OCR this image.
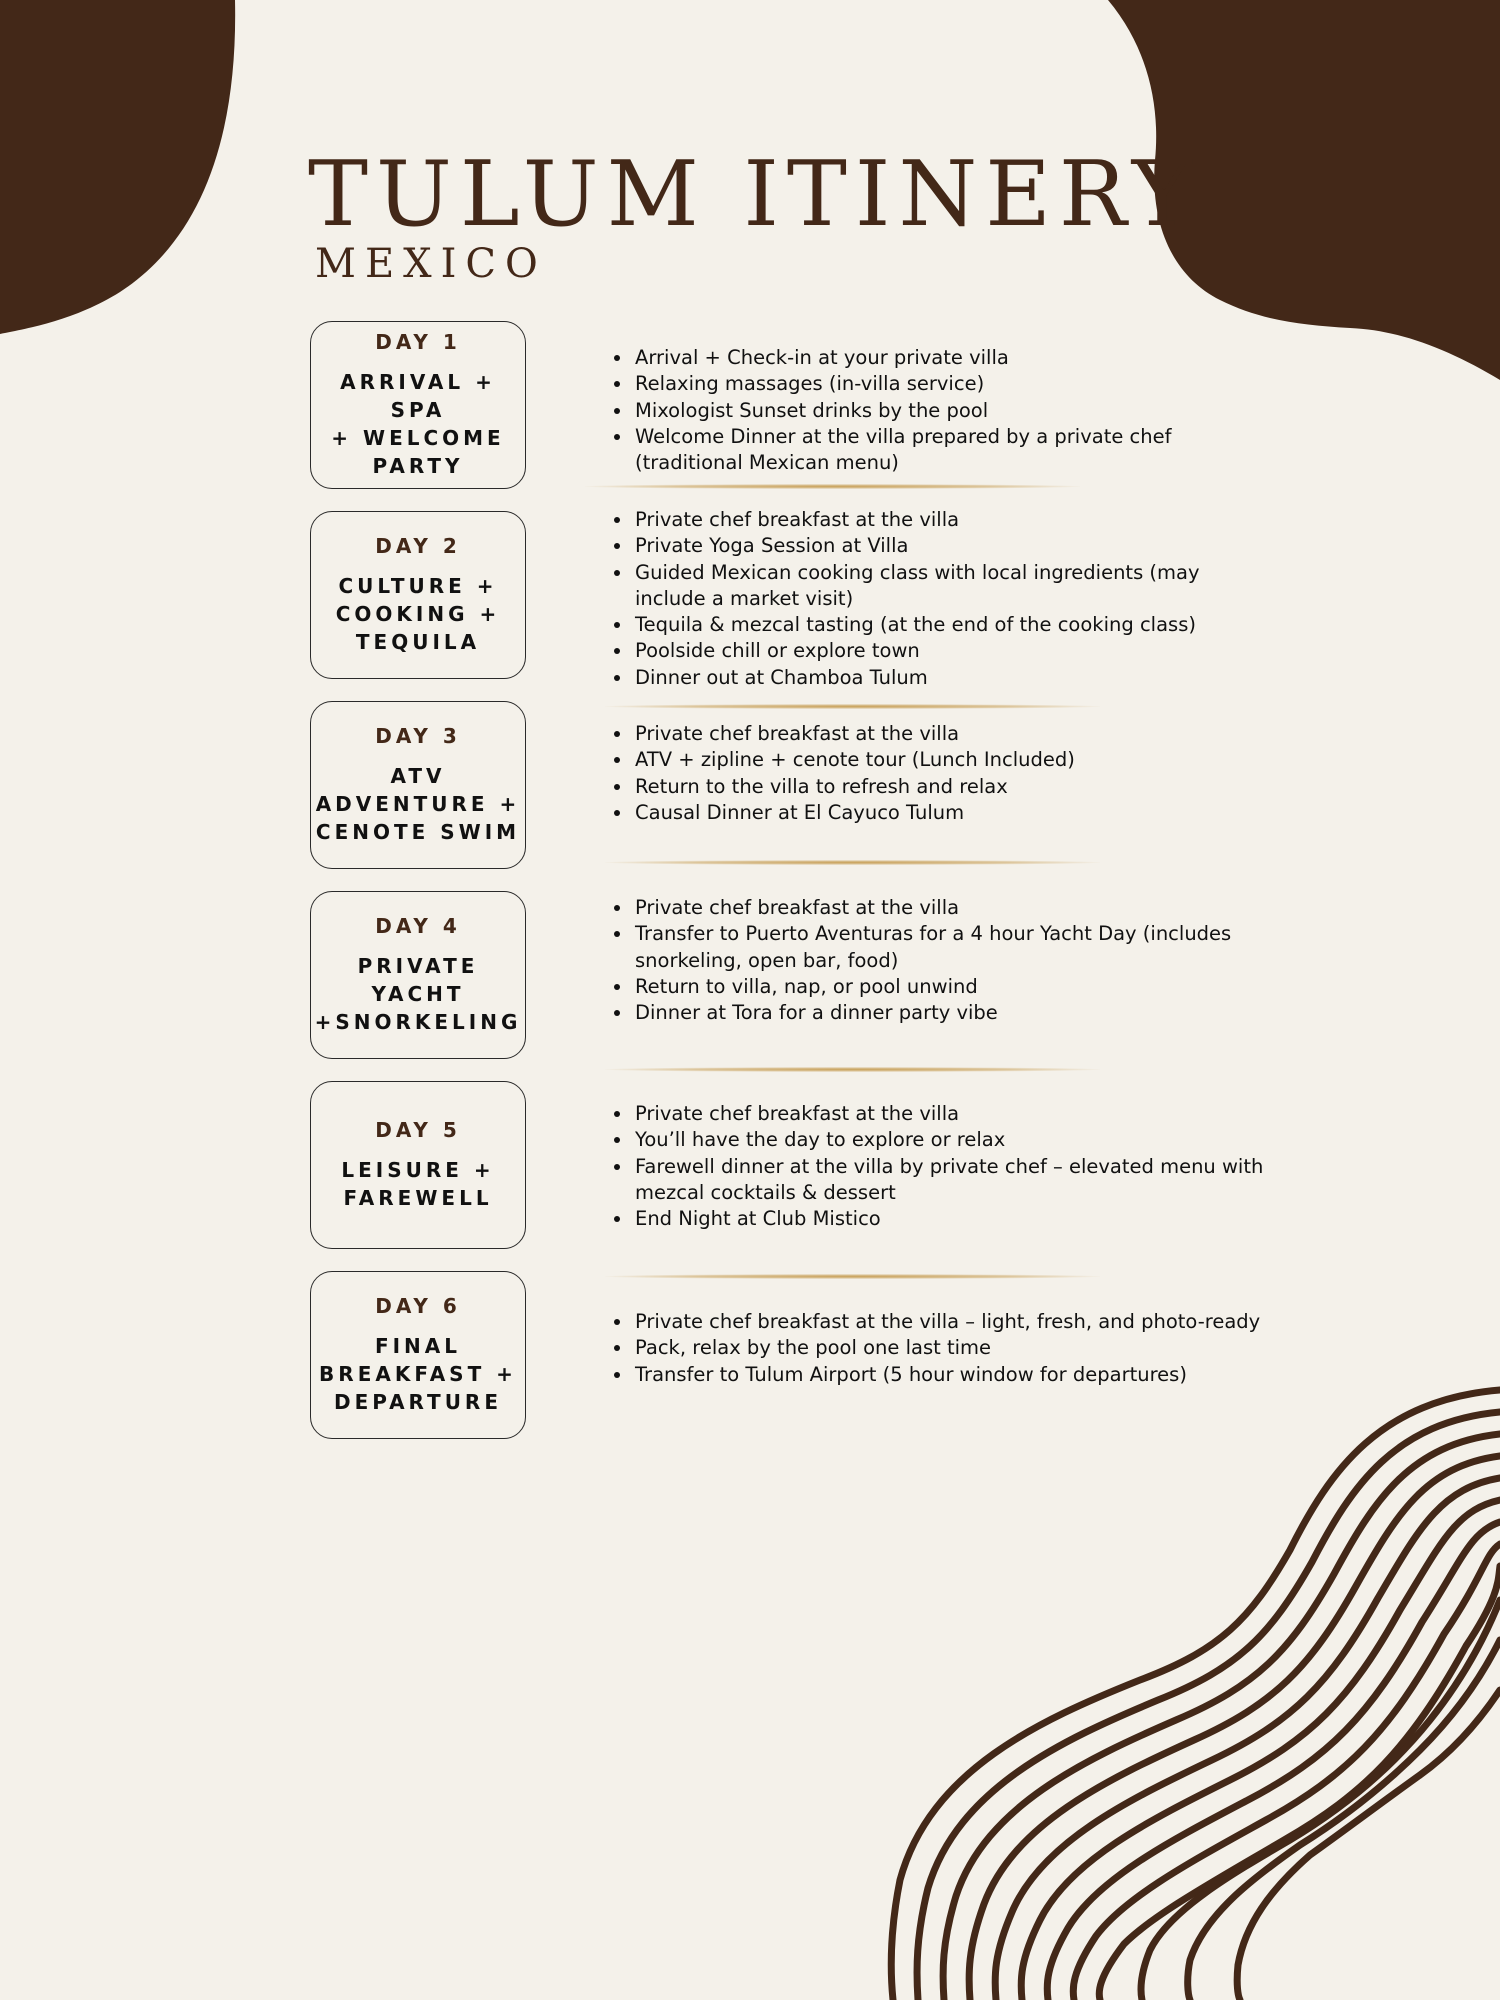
TULUM ITINERY
MEXICO
DAY 1
ARRIVAL + SPA
+ WELCOME
PARTY
• Arrival + Check-in at your private villa
• Relaxing massages (in-villa service)
• Mixologist Sunset drinks by the pool
• Welcome Dinner at the villa prepared by a private chef (traditional Mexican menu)
DAY 2
CULTURE +
COOKING +
TEQUILA
• Private chef breakfast at the villa
• Private Yoga Session at Villa
• Guided Mexican cooking class with local ingredients (may include a market visit)
• Tequila & mezcal tasting (at the end of the cooking class)
• Poolside chill or explore town
• Dinner out at Chamboa Tulum
DAY 3
ATV
ADVENTURE +
CENOTE SWIM
• Private chef breakfast at the villa
• ATV + zipline + cenote tour (Lunch Included)
• Return to the villa to refresh and relax
• Causal Dinner at El Cayuco Tulum
DAY 4
PRIVATE YACHT
+SNORKELING
• Private chef breakfast at the villa
• Transfer to Puerto Aventuras for a 4 hour Yacht Day (includes snorkeling, open bar, food)
• Return to villa, nap, or pool unwind
• Dinner at Tora for a dinner party vibe
DAY 5
LEISURE +
FAREWELL
• Private chef breakfast at the villa
• You’ll have the day to explore or relax
• Farewell dinner at the villa by private chef – elevated menu with mezcal cocktails & dessert
• End Night at Club Mistico
DAY 6
FINAL
BREAKFAST +
DEPARTURE
• Private chef breakfast at the villa – light, fresh, and photo-ready
• Pack, relax by the pool one last time
• Transfer to Tulum Airport (5 hour window for departures)
